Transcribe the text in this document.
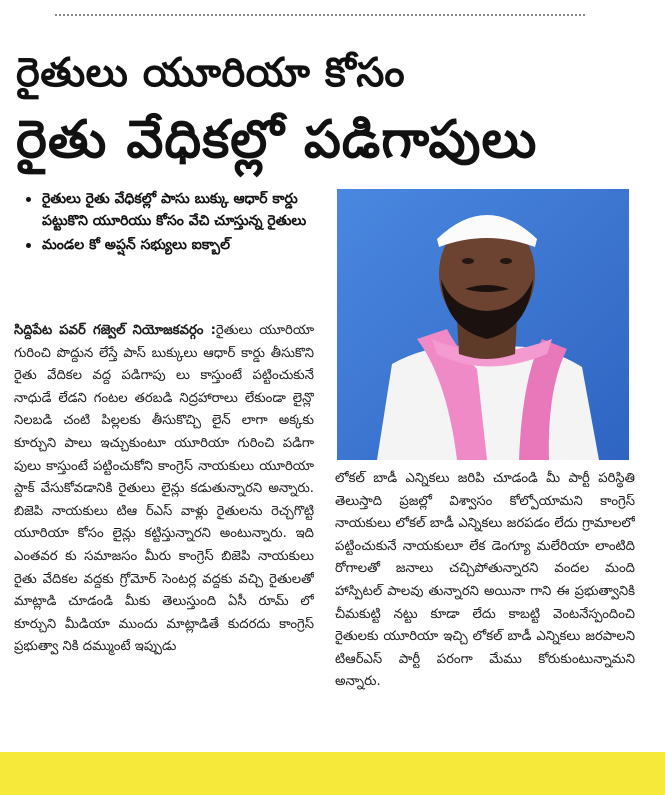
రైతులు యూరియా కోసం
రైతు వేధికల్లో పడిగాపులు
రైతులు రైతు వేధికల్లో పాసు బుక్కు ఆధార్ కార్డు పట్టుకొని యూరియు కోసం వేచి చూస్తున్న రైతులు
మండల కో అప్షన్ సభ్యులు ఐక్బాల్

సిద్దిపేట పవర్ గజ్వెల్ నియోజకవర్గం :రైతులు యూరియా గురించి పొద్దున లేస్తే పాస్ బుక్కులు ఆధార్ కార్డు తీసుకొని రైతు వేదికల వద్ద పడిగాపు లు కాస్తుంటే పట్టించుకునే నాధుడే లేడని గంటల తరబడి నిద్రహారాలు లేకుండా లైన్లొ నిలబడి చంటి పిల్లలకు తీసుకొచ్చి లైన్ లాగా అక్కకు కూర్చుని పాలు ఇచ్చుకుంటూ యూరియా గురించి పడిగా పులు కాస్తుంటే పట్టించుకోని కాంగ్రెస్ నాయకులు యూరియా స్టాక్ వేసుకోవడానికి రైతులు లైన్లు కడుతున్నారని అన్నారు. బిజెపి నాయకులు టిఆ ర్ఎస్ వాళ్లు రైతులను రెచ్చగొట్టి యూరియా కోసం లైన్లు కట్టిస్తున్నారని అంటున్నారు. ఇది ఎంతవర కు సమాజసం మీరు కాంగ్రెస్ బిజెపి నాయకులు రైతు వేదికల వద్దకు గ్రోమోర్ సెంటర్ల వద్దకు వచ్చి రైతులతో మాట్లాడి చూడండి మీకు తెలుస్తుంది ఏసీ రూమ్ లో కూర్చుని మీడియా ముందు మాట్లాడితే కుదరదు కాంగ్రెస్ ప్రభుత్వా నికి దమ్ముంటే ఇప్పుడు

లోకల్ బాడీ ఎన్నికలు జరిపి చూడండి మీ పార్టీ పరిస్థితి తెలుస్తాది ప్రజల్లో విశ్వాసం కోల్పోయామని కాంగ్రెస్ నాయకులు లోకల్ బాడీ ఎన్నికలు జరపడం లేదు గ్రామాలలో పట్టించుకునే నాయకులూ లేక డెంగ్యూ మలేరియా లాంటిది రోగాలతో జనాలు చచ్చిపోతున్నారని వందల మంది హాస్పిటల్ పాలవు తున్నారని అయినా గాని ఈ ప్రభుత్వానికి చీమకుట్టి నట్టు కూడా లేదు కాబట్టి వెంటనేస్పందించి రైతులకు యూరియా ఇచ్చి లోకల్ బాడీ ఎన్నికలు జరపాలని టిఆర్ఎస్ పార్టీ పరంగా మేము కోరుకుంటున్నామని అన్నారు.
